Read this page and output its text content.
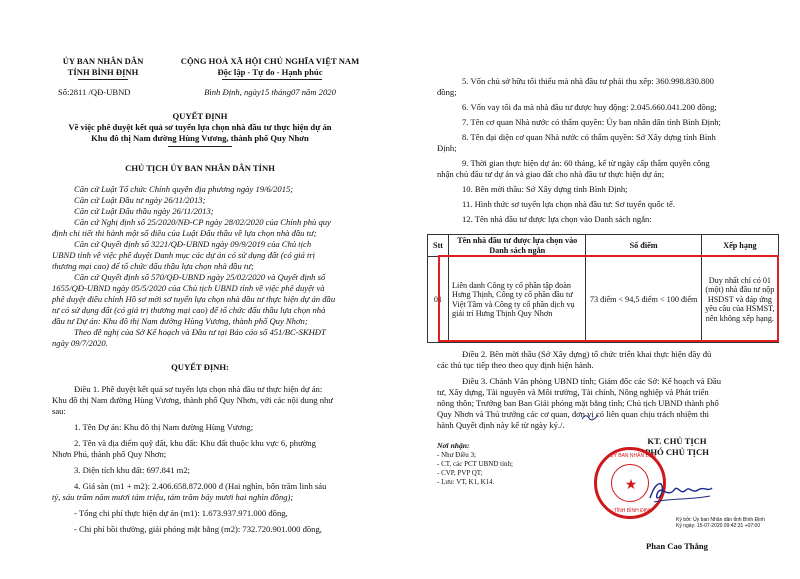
ỦY BAN NHÂN DÂN
TỈNH BÌNH ĐỊNH
Số:2811 /QĐ-UBND
CỘNG HOÀ XÃ HỘI CHỦ NGHĨA VIỆT NAM
Độc lập - Tự do - Hạnh phúc
Bình Định, ngày15 tháng07 năm 2020
QUYẾT ĐỊNH
Về việc phê duyệt kết quả sơ tuyển lựa chọn nhà đầu tư thực hiện dự án
Khu đô thị Nam đường Hùng Vương, thành phố Quy Nhơn
CHỦ TỊCH ỦY BAN NHÂN DÂN TỈNH
Căn cứ Luật Tổ chức Chính quyền địa phương ngày 19/6/2015;
Căn cứ Luật Đầu tư ngày 26/11/2013;
Căn cứ Luật Đấu thầu ngày 26/11/2013;
Căn cứ Nghị định số 25/2020/NĐ-CP ngày 28/02/2020 của Chính phủ quy
định chi tiết thi hành một số điều của Luật Đấu thầu về lựa chọn nhà đầu tư;
Căn cứ Quyết định số 3221/QĐ-UBND ngày 09/9/2019 của Chủ tịch
UBND tỉnh về việc phê duyệt Danh mục các dự án có sử dụng đất (có giá trị
thương mại cao) để tổ chức đấu thầu lựa chọn nhà đầu tư;
Căn cứ Quyết định số 570/QĐ-UBND ngày 25/02/2020 và Quyết định số
1655/QĐ-UBND ngày 05/5/2020 của Chủ tịch UBND tỉnh về việc phê duyệt và
phê duyệt điều chỉnh Hồ sơ mời sơ tuyển lựa chọn nhà đầu tư thực hiện dự án đầu
tư có sử dụng đất (có giá trị thương mại cao) để tổ chức đấu thầu lựa chọn nhà
đầu tư Dự án: Khu đô thị Nam đường Hùng Vương, thành phố Quy Nhơn;
Theo đề nghị của Sở Kế hoạch và Đầu tư tại Báo cáo số 451/BC-SKHĐT
ngày 09/7/2020.
QUYẾT ĐỊNH:
Điều 1. Phê duyệt kết quả sơ tuyển lựa chọn nhà đầu tư thực hiện dự án:
Khu đô thị Nam đường Hùng Vương, thành phố Quy Nhơn, với các nội dung như
sau:
1. Tên Dự án: Khu đô thị Nam đường Hùng Vương;
2. Tên và địa điểm quỹ đất, khu đất: Khu đất thuộc khu vực 6, phường
Nhơn Phú, thành phố Quy Nhơn;
3. Diện tích khu đất: 697.841 m2;
4. Giá sàn (m1 + m2): 2.406.658.872.000 đ (Hai nghìn, bốn trăm linh sáu
tỷ, sáu trăm năm mươi tám triệu, tám trăm bảy mươi hai nghìn đồng);
- Tổng chi phí thực hiện dự án (m1): 1.673.937.971.000 đồng,
- Chi phí bồi thường, giải phóng mặt bằng (m2): 732.720.901.000 đồng,
5. Vốn chủ sở hữu tối thiểu mà nhà đầu tư phải thu xếp: 360.998.830.800
đồng;
6. Vốn vay tối đa mà nhà đầu tư được huy động: 2.045.660.041.200 đồng;
7. Tên cơ quan Nhà nước có thẩm quyền: Ủy ban nhân dân tỉnh Bình Định;
8. Tên đại diện cơ quan Nhà nước có thẩm quyền: Sở Xây dựng tỉnh Bình
Định;
9. Thời gian thực hiện dự án: 60 tháng, kể từ ngày cấp thẩm quyền công
nhận chủ đầu tư dự án và giao đất cho nhà đầu tư thực hiện dự án;
10. Bên mời thầu: Sở Xây dựng tỉnh Bình Định;
11. Hình thức sơ tuyển lựa chọn nhà đầu tư: Sơ tuyển quốc tế.
12. Tên nhà đầu tư được lựa chọn vào Danh sách ngắn:
Stt	Tên nhà đầu tư được lựa chọn vào Danh sách ngắn	Số điểm	Xếp hạng
01	Liên danh Công ty cổ phần tập đoàn Hưng Thịnh, Công ty cổ phần đầu tư Việt Tâm và Công ty cổ phần dịch vụ giải trí Hưng Thịnh Quy Nhơn	73 điểm < 94,5 điểm < 100 điểm	Duy nhất chỉ có 01 (một) nhà đầu tư nộp HSDST và đáp ứng yêu cầu của HSMST, nên không xếp hạng.
Điều 2. Bên mời thầu (Sở Xây dựng) tổ chức triển khai thực hiện đầy đủ
các thủ tục tiếp theo theo quy định hiện hành.
Điều 3. Chánh Văn phòng UBND tỉnh; Giám đốc các Sở: Kế hoạch và Đầu
tư, Xây dựng, Tài nguyên và Môi trường, Tài chính, Nông nghiệp và Phát triển
nông thôn; Trưởng ban Ban Giải phóng mặt bằng tỉnh; Chủ tịch UBND thành phố
Quy Nhơn và Thủ trưởng các cơ quan, đơn vị có liên quan chịu trách nhiệm thi
hành Quyết định này kể từ ngày ký./.
Nơi nhận:
- Như Điều 3;
- CT, các PCT UBND tỉnh;
- CVP, PVP QT;
- Lưu: VT, K1, K14.
KT. CHỦ TỊCH
PHÓ CHỦ TỊCH
ỦY BAN NHÂN DÂN
★
TỈNH BÌNH ĐỊNH
Ký bởi: Ủy ban Nhân dân tỉnh Bình Định
Ký ngày: 15-07-2020 09:42:31 +07:00
Phan Cao Thắng
